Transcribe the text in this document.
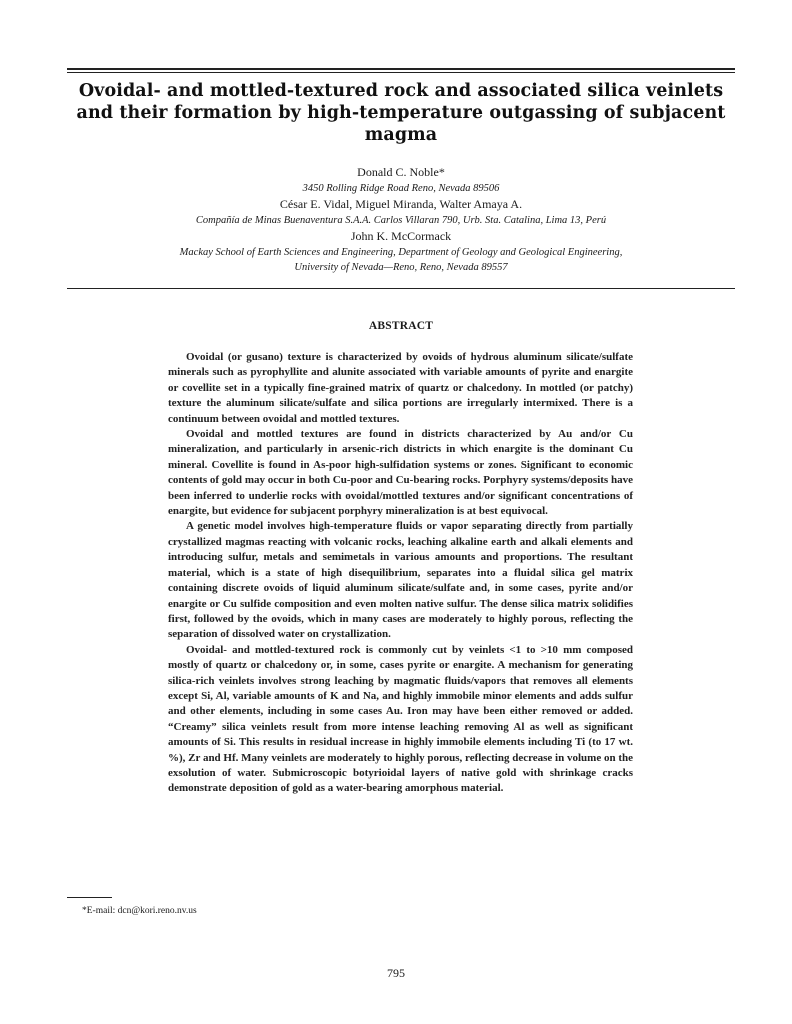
Ovoidal- and mottled-textured rock and associated silica veinlets and their formation by high-temperature outgassing of subjacent magma
Donald C. Noble*
3450 Rolling Ridge Road Reno, Nevada 89506
César E. Vidal, Miguel Miranda, Walter Amaya A.
Compañía de Minas Buenaventura S.A.A. Carlos Villaran 790, Urb. Sta. Catalina, Lima 13, Perú
John K. McCormack
Mackay School of Earth Sciences and Engineering, Department of Geology and Geological Engineering,
University of Nevada—Reno, Reno, Nevada 89557
ABSTRACT

Ovoidal (or gusano) texture is characterized by ovoids of hydrous aluminum silicate/sulfate minerals such as pyrophyllite and alunite associated with variable amounts of pyrite and enargite or covellite set in a typically fine-grained matrix of quartz or chalcedony. In mottled (or patchy) texture the aluminum silicate/sulfate and silica portions are irregularly intermixed. There is a continuum between ovoidal and mottled textures.

Ovoidal and mottled textures are found in districts characterized by Au and/or Cu mineralization, and particularly in arsenic-rich districts in which enargite is the dominant Cu mineral. Covellite is found in As-poor high-sulfidation systems or zones. Significant to economic contents of gold may occur in both Cu-poor and Cu-bearing rocks. Porphyry systems/deposits have been inferred to underlie rocks with ovoidal/mottled textures and/or significant concentrations of enargite, but evidence for subjacent porphyry mineralization is at best equivocal.

A genetic model involves high-temperature fluids or vapor separating directly from partially crystallized magmas reacting with volcanic rocks, leaching alkaline earth and alkali elements and introducing sulfur, metals and semimetals in various amounts and proportions. The resultant material, which is a state of high disequilibrium, separates into a fluidal silica gel matrix containing discrete ovoids of liquid aluminum silicate/sulfate and, in some cases, pyrite and/or enargite or Cu sulfide composition and even molten native sulfur. The dense silica matrix solidifies first, followed by the ovoids, which in many cases are moderately to highly porous, reflecting the separation of dissolved water on crystallization.

Ovoidal- and mottled-textured rock is commonly cut by veinlets <1 to >10 mm composed mostly of quartz or chalcedony or, in some, cases pyrite or enargite. A mechanism for generating silica-rich veinlets involves strong leaching by magmatic fluids/vapors that removes all elements except Si, Al, variable amounts of K and Na, and highly immobile minor elements and adds sulfur and other elements, including in some cases Au. Iron may have been either removed or added. “Creamy” silica veinlets result from more intense leaching removing Al as well as significant amounts of Si. This results in residual increase in highly immobile elements including Ti (to 17 wt. %), Zr and Hf. Many veinlets are moderately to highly porous, reflecting decrease in volume on the exsolution of water. Submicroscopic botyrioidal layers of native gold with shrinkage cracks demonstrate deposition of gold as a water-bearing amorphous material.

*E-mail: dcn@kori.reno.nv.us
795
